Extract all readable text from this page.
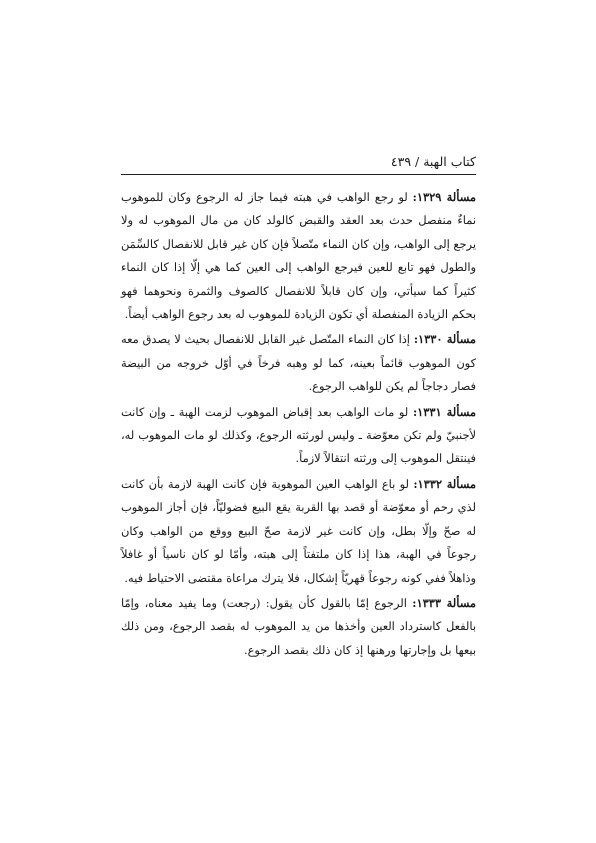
كتاب الهبة / ٤٣٩

مسألة ١٣٢٩: لو رجع الواهب في هبته فيما جاز له الرجوع وكان للموهوب نماءٌ منفصل حدث بعد العقد والقبض كالولد كان من مال الموهوب له ولا يرجع إلى الواهب، وإن كان النماء متّصلاً فإن كان غير قابل للانفصال كالسِّمَن والطول فهو تابع للعين فيرجع الواهب إلى العين كما هي إلّا إذا كان النماء كثيراً كما سيأتي، وإن كان قابلاً للانفصال كالصوف والثمرة ونحوهما فهو بحكم الزيادة المنفصلة أي تكون الزيادة للموهوب له بعد رجوع الواهب أيضاً.

مسألة ١٣٣٠: إذا كان النماء المتّصل غير القابل للانفصال بحيث لا يصدق معه كون الموهوب قائماً بعينه، كما لو وهبه فرخاً في أوّل خروجه من البيضة فصار دجاجاً لم يكن للواهب الرجوع.

مسألة ١٣٣١: لو مات الواهب بعد إقباض الموهوب لزمت الهبة ـ وإن كانت لأجنبيّ ولم تكن معوّضة ـ وليس لورثته الرجوع، وكذلك لو مات الموهوب له، فينتقل الموهوب إلى ورثته انتقالاً لازماً.

مسألة ١٣٣٢: لو باع الواهب العين الموهوبة فإن كانت الهبة لازمة بأن كانت لذي رحم أو معوّضة أو قصد بها القربة يقع البيع فضوليّاً، فإن أجاز الموهوب له صحّ وإلّا بطل، وإن كانت غير لازمة صحّ البيع ووقع من الواهب وكان رجوعاً في الهبة، هذا إذا كان ملتفتاً إلى هبته، وأمّا لو كان ناسياً أو غافلاً وذاهلاً ففي كونه رجوعاً قهريّاً إشكال، فلا يترك مراعاة مقتضى الاحتياط فيه.

مسألة ١٣٣٣: الرجوع إمّا بالقول كأن يقول: (رجعت) وما يفيد معناه، وإمّا بالفعل كاسترداد العين وأخذها من يد الموهوب له بقصد الرجوع، ومن ذلك بيعها بل وإجارتها ورهنها إذ كان ذلك بقصد الرجوع.
